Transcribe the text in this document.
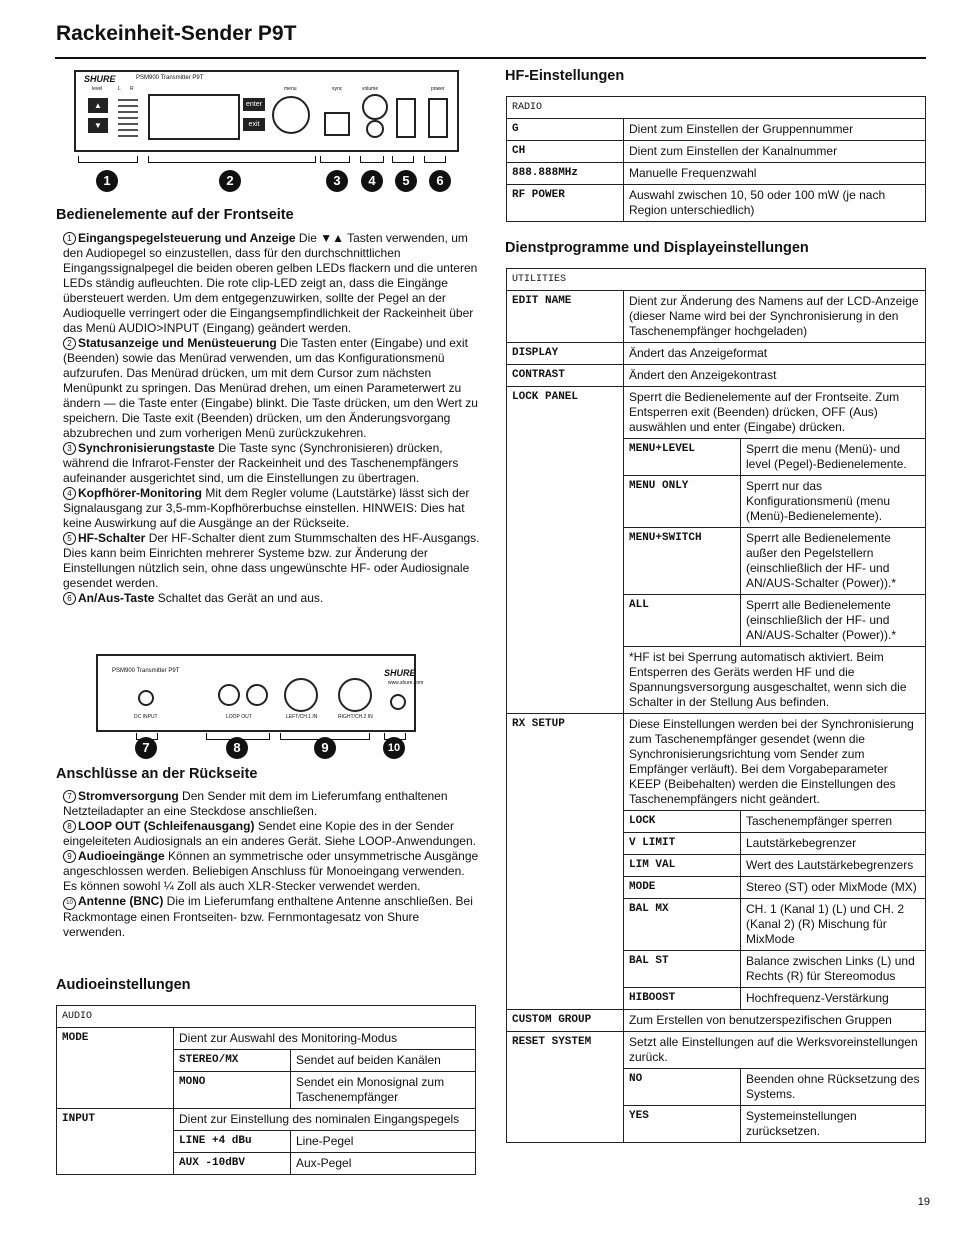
Rackeinheit-Sender P9T
SHURE	PSM900 Transmitter P9T
level	L R	menu	sync	volume	power
▲
▼
enter
exit
1	2	3	4	5	6
Bedienelemente auf der Frontseite

1 Eingangspegelsteuerung und Anzeige Die ▼▲ Tasten verwenden, um den Audiopegel so einzustellen, dass für den durchschnittlichen Eingangssignalpegel die beiden oberen gelben LEDs flackern und die unteren LEDs ständig aufleuchten. Die rote clip-LED zeigt an, dass die Eingänge übersteuert werden. Um dem entgegenzuwirken, sollte der Pegel an der Audioquelle verringert oder die Eingangsempfindlichkeit der Rackeinheit über das Menü AUDIO>INPUT (Eingang) geändert werden.

2 Statusanzeige und Menüsteuerung Die Tasten enter (Eingabe) und exit (Beenden) sowie das Menürad verwenden, um das Konfigurationsmenü aufzurufen. Das Menürad drücken, um mit dem Cursor zum nächsten Menüpunkt zu springen. Das Menürad drehen, um einen Parameterwert zu ändern — die Taste enter (Eingabe) blinkt. Die Taste drücken, um den Wert zu speichern. Die Taste exit (Beenden) drücken, um den Änderungsvorgang abzubrechen und zum vorherigen Menü zurückzukehren.

3 Synchronisierungstaste Die Taste sync (Synchronisieren) drücken, während die Infrarot-Fenster der Rackeinheit und des Taschenempfängers aufeinander ausgerichtet sind, um die Einstellungen zu übertragen.

4 Kopfhörer-Monitoring Mit dem Regler volume (Lautstärke) lässt sich der Signalausgang zur 3,5-mm-Kopfhörerbuchse einstellen. HINWEIS: Dies hat keine Auswirkung auf die Ausgänge an der Rückseite.

5 HF-Schalter Der HF-Schalter dient zum Stummschalten des HF-Ausgangs. Dies kann beim Einrichten mehrerer Systeme bzw. zur Änderung der Einstellungen nützlich sein, ohne dass ungewünschte HF- oder Audiosignale gesendet werden.

6 An/Aus-Taste Schaltet das Gerät an und aus.

PSM900 Transmitter P9T	SHURE
www.shure.com
DC INPUT	LOOP OUT	LEFT/CH.1 IN	RIGHT/CH.2 IN
7	8	9	10
Anschlüsse an der Rückseite

7 Stromversorgung Den Sender mit dem im Lieferumfang enthaltenen Netzteiladapter an eine Steckdose anschließen.

8 LOOP OUT (Schleifenausgang) Sendet eine Kopie des in der Sender eingeleiteten Audiosignals an ein anderes Gerät. Siehe LOOP-Anwendungen.

9 Audioeingänge Können an symmetrische oder unsymmetrische Ausgänge angeschlossen werden. Beliebigen Anschluss für Monoeingang verwenden. Es können sowohl ¼ Zoll als auch XLR-Stecker verwendet werden.

10 Antenne (BNC) Die im Lieferumfang enthaltene Antenne anschließen. Bei Rackmontage einen Frontseiten- bzw. Fernmontagesatz von Shure verwenden.

Audioeinstellungen
AUDIO
MODE	Dient zur Auswahl des Monitoring-Modus
STEREO/MX	Sendet auf beiden Kanälen
MONO	Sendet ein Monosignal zum Taschenempfänger

INPUT	Dient zur Einstellung des nominalen Eingangspegels
LINE +4 dBu	Line-Pegel
AUX -10dBV	Aux-Pegel
HF-Einstellungen
RADIO	
G	Dient zum Einstellen der Gruppennummer
CH	Dient zum Einstellen der Kanalnummer
888.888MHz	Manuelle Frequenzwahl
RF POWER	Auswahl zwischen 10, 50 oder 100 mW (je nach Region unterschiedlich)
Dienstprogramme und Displayeinstellungen
UTILITIES
EDIT NAME	Dient zur Änderung des Namens auf der LCD-Anzeige (dieser Name wird bei der Synchronisierung in den Taschenempfänger hochgeladen)
DISPLAY	Ändert das Anzeigeformat
CONTRAST	Ändert den Anzeigekontrast
LOCK PANEL	Sperrt die Bedienelemente auf der Frontseite. Zum Entsperren exit (Beenden) drücken, OFF (Aus) auswählen und enter (Eingabe) drücken.
MENU+LEVEL	Sperrt die menu (Menü)- und level (Pegel)-Bedienelemente.
MENU ONLY	Sperrt nur das Konfigurationsmenü (menu (Menü)-Bedienelemente).
MENU+SWITCH	Sperrt alle Bedienelemente außer den Pegelstellern (einschließlich der HF- und AN/AUS-Schalter (Power)).*
ALL	Sperrt alle Bedienelemente (einschließlich der HF- und AN/AUS-Schalter (Power)).*
*HF ist bei Sperrung automatisch aktiviert. Beim Entsperren des Geräts werden HF und die Spannungsversorgung ausgeschaltet, wenn sich die Schalter in der Stellung Aus befinden.

RX SETUP	Diese Einstellungen werden bei der Synchronisierung zum Taschenempfänger gesendet (wenn die Synchronisierungsrichtung vom Sender zum Empfänger verläuft). Bei dem Vorgabeparameter KEEP (Beibehalten) werden die Einstellungen des Taschenempfängers nicht geändert.
LOCK	Taschenempfänger sperren
V LIMIT	Lautstärkebegrenzer
LIM VAL	Wert des Lautstärkebegrenzers
MODE	Stereo (ST) oder MixMode (MX)
BAL MX	CH. 1 (Kanal 1) (L) und CH. 2 (Kanal 2) (R) Mischung für MixMode
BAL ST	Balance zwischen Links (L) und Rechts (R) für Stereomodus
HIBOOST	Hochfrequenz-Verstärkung

CUSTOM GROUP	Zum Erstellen von benutzerspezifischen Gruppen
RESET SYSTEM	Setzt alle Einstellungen auf die Werksvoreinstellungen zurück.
NO	Beenden ohne Rücksetzung des Systems.
YES	Systemeinstellungen zurücksetzen.
19
